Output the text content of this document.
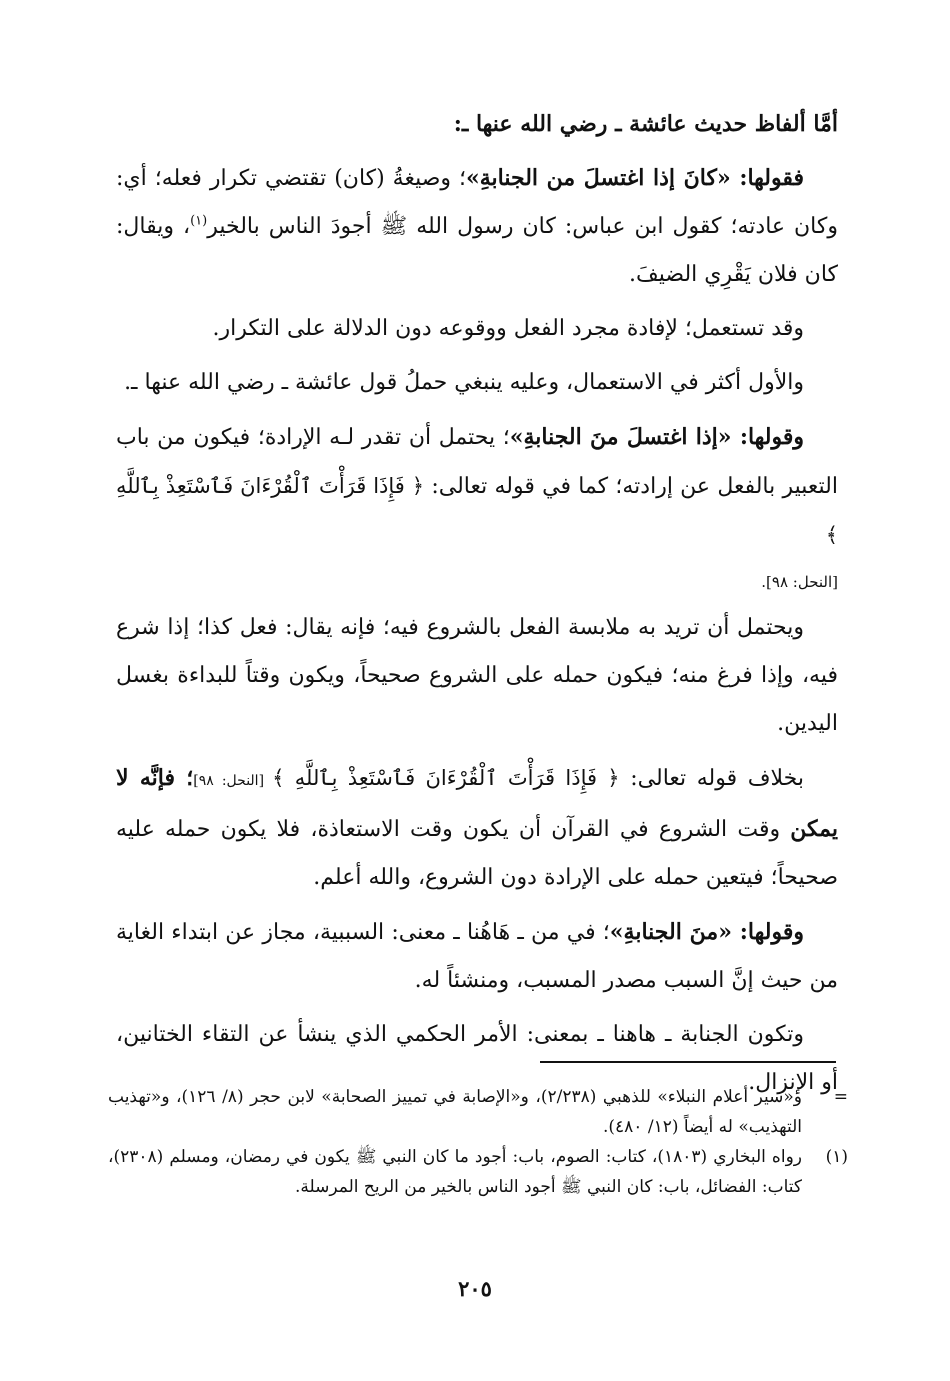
أمَّا ألفاظ حديث عائشة ـ رضي الله عنها ـ:

فقولها: «كانَ إذا اغتسلَ من الجنابةِ»؛ وصيغةُ (كان) تقتضي تكرار فعله؛ أي: وكان عادته؛ كقول ابن عباس: كان رسول الله ﷺ أجودَ الناس بالخير$^{(١)}$، ويقال: كان فلان يَقْرِي الضيفَ.

وقد تستعمل؛ لإفادة مجرد الفعل ووقوعه دون الدلالة على التكرار.

والأول أكثر في الاستعمال، وعليه ينبغي حملُ قول عائشة ـ رضي الله عنها ـ.

وقولها: «إذا اغتسلَ منَ الجنابةِ»؛ يحتمل أن تقدر لـه الإرادة؛ فيكون من باب التعبير بالفعل عن إرادته؛ كما في قوله تعالى: ﴿ فَإِذَا قَرَأْتَ ٱلْقُرْءَانَ فَٱسْتَعِذْ بِٱللَّهِ ﴾

[النحل: ٩٨].

ويحتمل أن تريد به ملابسة الفعل بالشروع فيه؛ فإنه يقال: فعل كذا؛ إذا شرع فيه، وإذا فرغ منه؛ فيكون حمله على الشروع صحيحاً، ويكون وقتاً للبداءة بغسل اليدين.

بخلاف قوله تعالى: ﴿ فَإِذَا قَرَأْتَ ٱلْقُرْءَانَ فَٱسْتَعِذْ بِٱللَّهِ ﴾ [النحل: ٩٨]؛ فإنَّه لا يمكن وقت الشروع في القرآن أن يكون وقت الاستعاذة، فلا يكون حمله عليه صحيحاً؛ فيتعين حمله على الإرادة دون الشروع، والله أعلم.

وقولها: «منَ الجنابةِ»؛ في من ـ هَاهُنا ـ معنى: السببية، مجاز عن ابتداء الغاية من حيث إنَّ السبب مصدر المسبب، ومنشئاً له.

وتكون الجنابة ـ هاهنا ـ بمعنى: الأمر الحكمي الذي ينشأ عن التقاء الختانين، أو الإنزال.

=
و«سير أعلام النبلاء» للذهبي (٢/٢٣٨)، و«الإصابة في تمييز الصحابة» لابن حجر (٨/ ١٢٦)، و«تهذيب التهذيب» له أيضاً (١٢/ ٤٨٠).
(١)
رواه البخاري (١٨٠٣)، كتاب: الصوم، باب: أجود ما كان النبي ﷺ يكون في رمضان، ومسلم (٢٣٠٨)، كتاب: الفضائل، باب: كان النبي ﷺ أجود الناس بالخير من الريح المرسلة.
٢٠٥
